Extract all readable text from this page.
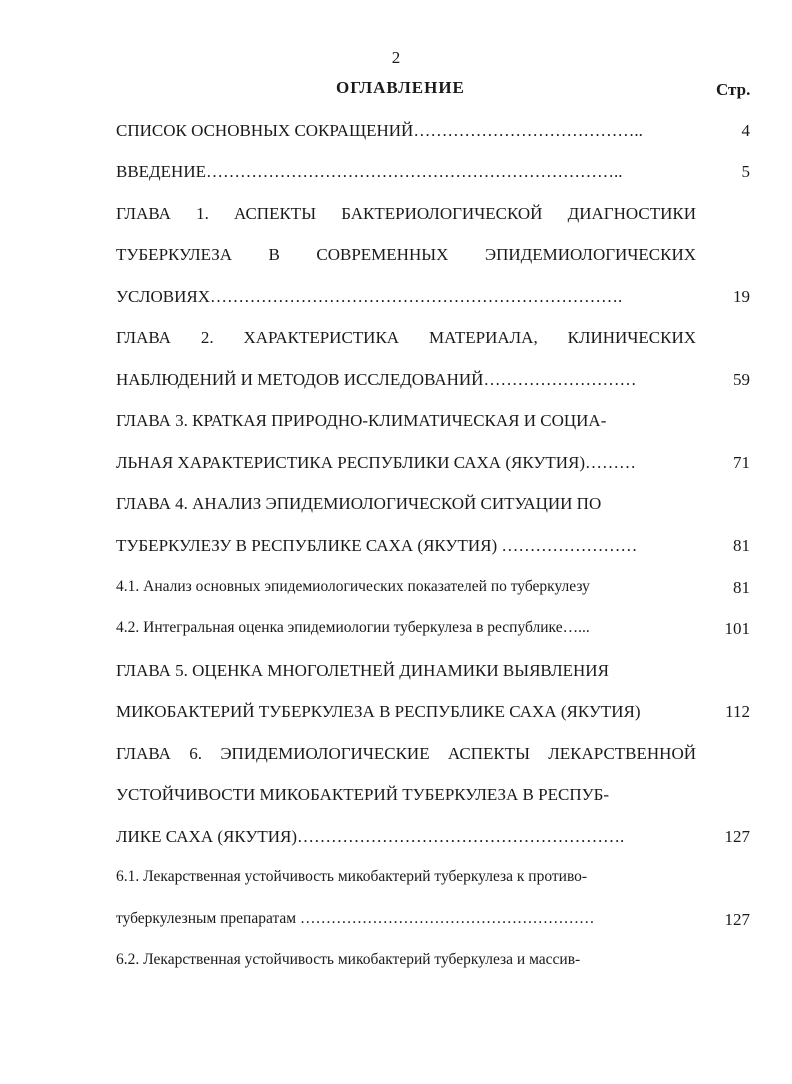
2
ОГЛАВЛЕНИЕ	Стр.
СПИСОК ОСНОВНЫХ СОКРАЩЕНИЙ…………………………………..	4
ВВЕДЕНИЕ………………………………………………………………..	5
ГЛАВА 1. АСПЕКТЫ БАКТЕРИОЛОГИЧЕСКОЙ ДИАГНОСТИКИ
ТУБЕРКУЛЕЗА В СОВРЕМЕННЫХ ЭПИДЕМИОЛОГИЧЕСКИХ
УСЛОВИЯХ……………………………………………………………….	19
ГЛАВА 2. ХАРАКТЕРИСТИКА МАТЕРИАЛА, КЛИНИЧЕСКИХ
НАБЛЮДЕНИЙ И МЕТОДОВ ИССЛЕДОВАНИЙ………………………	59
ГЛАВА 3. КРАТКАЯ ПРИРОДНО-КЛИМАТИЧЕСКАЯ И СОЦИА-
ЛЬНАЯ ХАРАКТЕРИСТИКА РЕСПУБЛИКИ САХА (ЯКУТИЯ)………	71
ГЛАВА 4. АНАЛИЗ ЭПИДЕМИОЛОГИЧЕСКОЙ СИТУАЦИИ ПО
ТУБЕРКУЛЕЗУ В РЕСПУБЛИКЕ САХА (ЯКУТИЯ) ……………………	81
4.1. Анализ основных эпидемиологических показателей по туберкулезу	81
4.2. Интегральная оценка эпидемиологии туберкулеза в республике…...	101
ГЛАВА 5. ОЦЕНКА МНОГОЛЕТНЕЙ ДИНАМИКИ ВЫЯВЛЕНИЯ
МИКОБАКТЕРИЙ ТУБЕРКУЛЕЗА В РЕСПУБЛИКЕ САХА (ЯКУТИЯ)	112
ГЛАВА 6. ЭПИДЕМИОЛОГИЧЕСКИЕ АСПЕКТЫ ЛЕКАРСТВЕННОЙ
УСТОЙЧИВОСТИ МИКОБАКТЕРИЙ ТУБЕРКУЛЕЗА В РЕСПУБ-
ЛИКЕ САХА (ЯКУТИЯ)………………………………………………….	127
6.1. Лекарственная устойчивость микобактерий туберкулеза к противо-
туберкулезным препаратам …………………………………………………	127
6.2. Лекарственная устойчивость микобактерий туберкулеза и массив-
